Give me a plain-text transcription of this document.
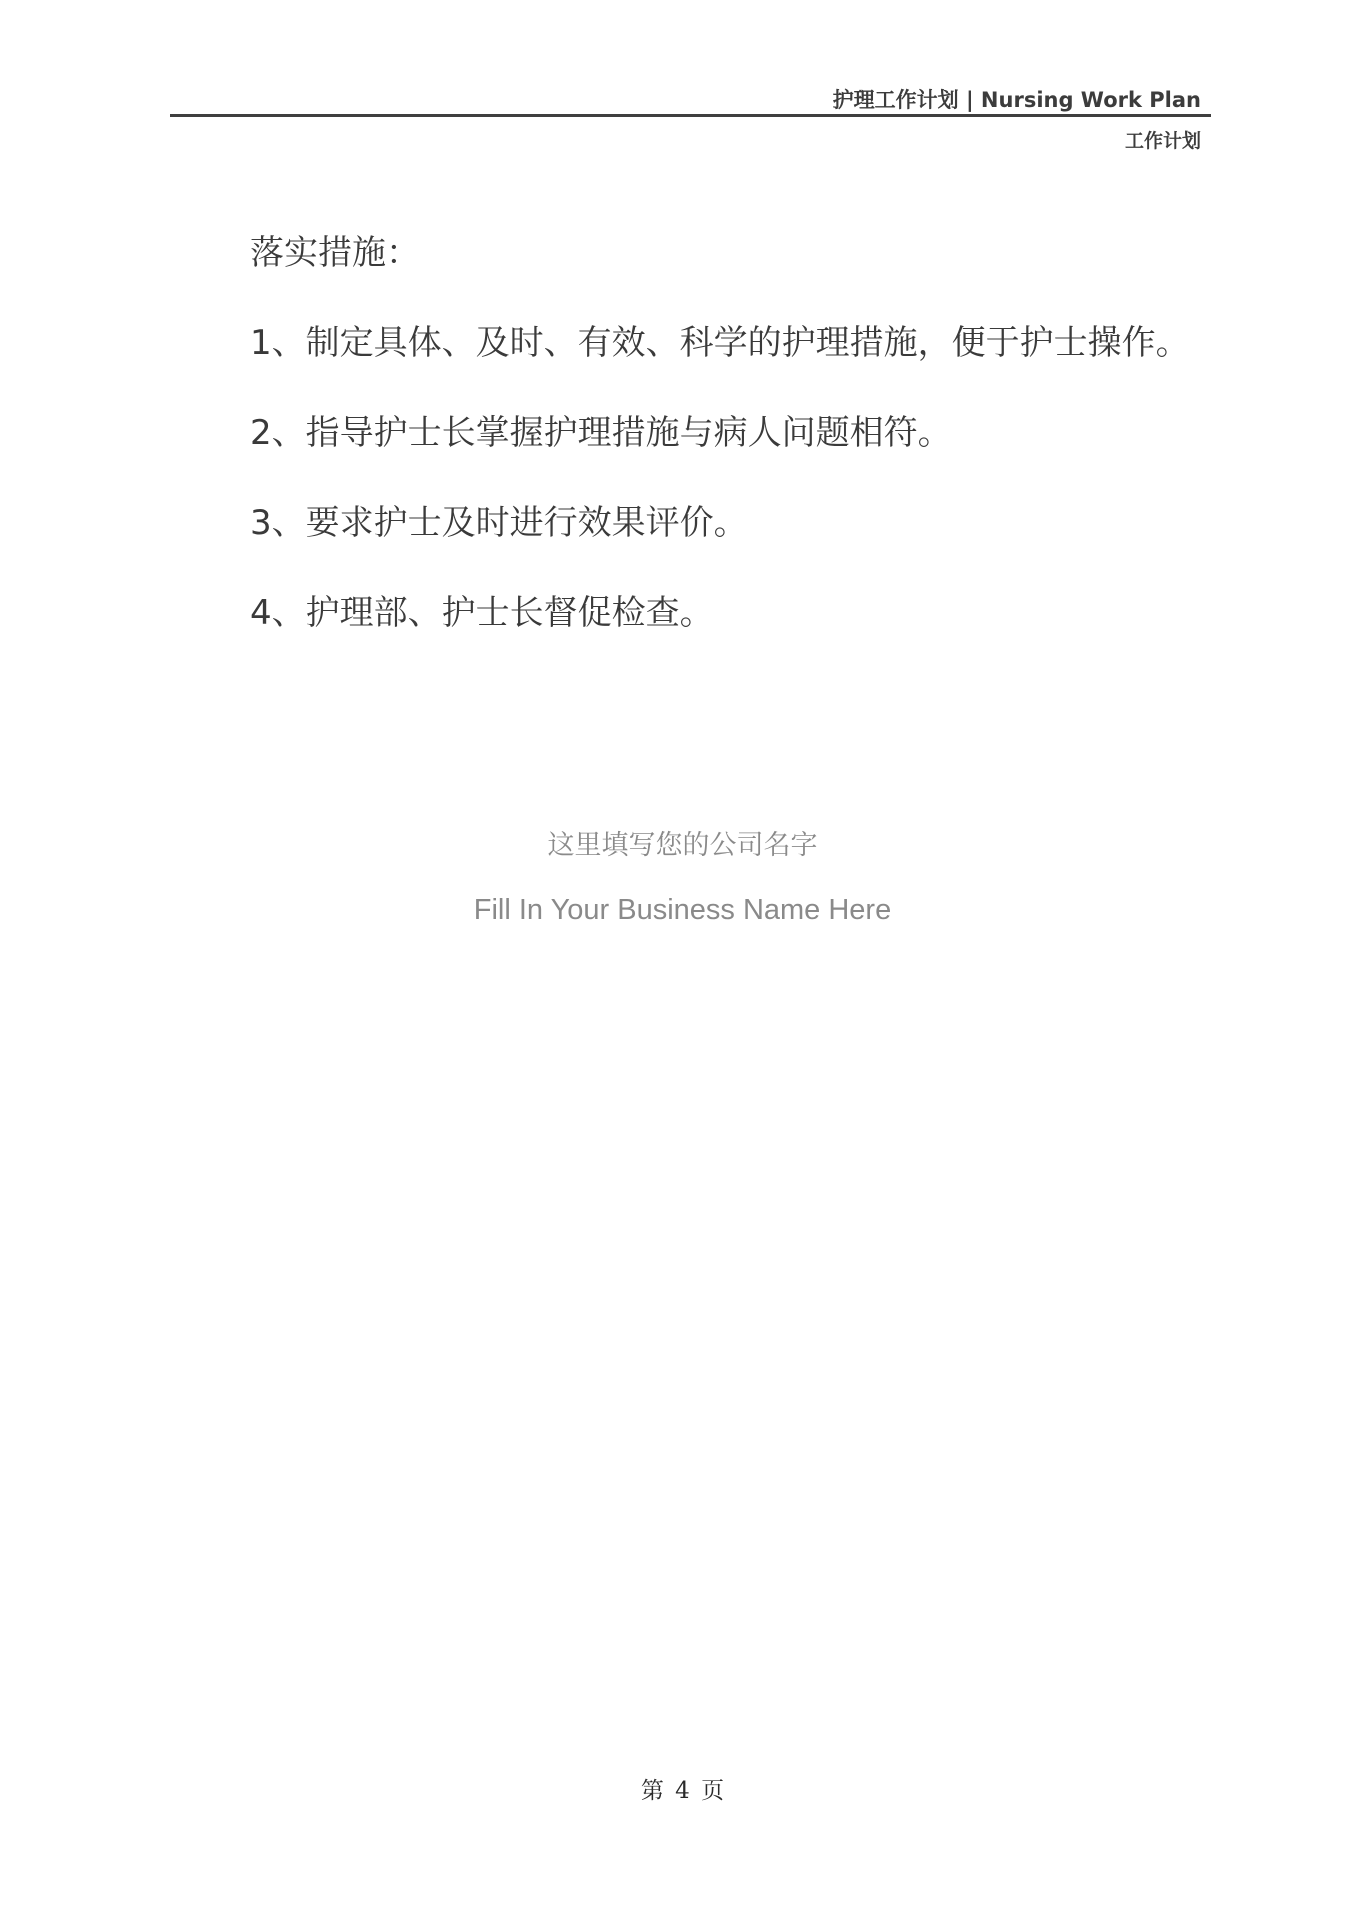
护理工作计划 | Nursing Work Plan
工作计划
落实措施：
1、制定具体、及时、有效、科学的护理措施，便于护士操作。
2、指导护士长掌握护理措施与病人问题相符。
3、要求护士及时进行效果评价。
4、护理部、护士长督促检查。
这里填写您的公司名字
Fill In Your Business Name Here
第 4 页
